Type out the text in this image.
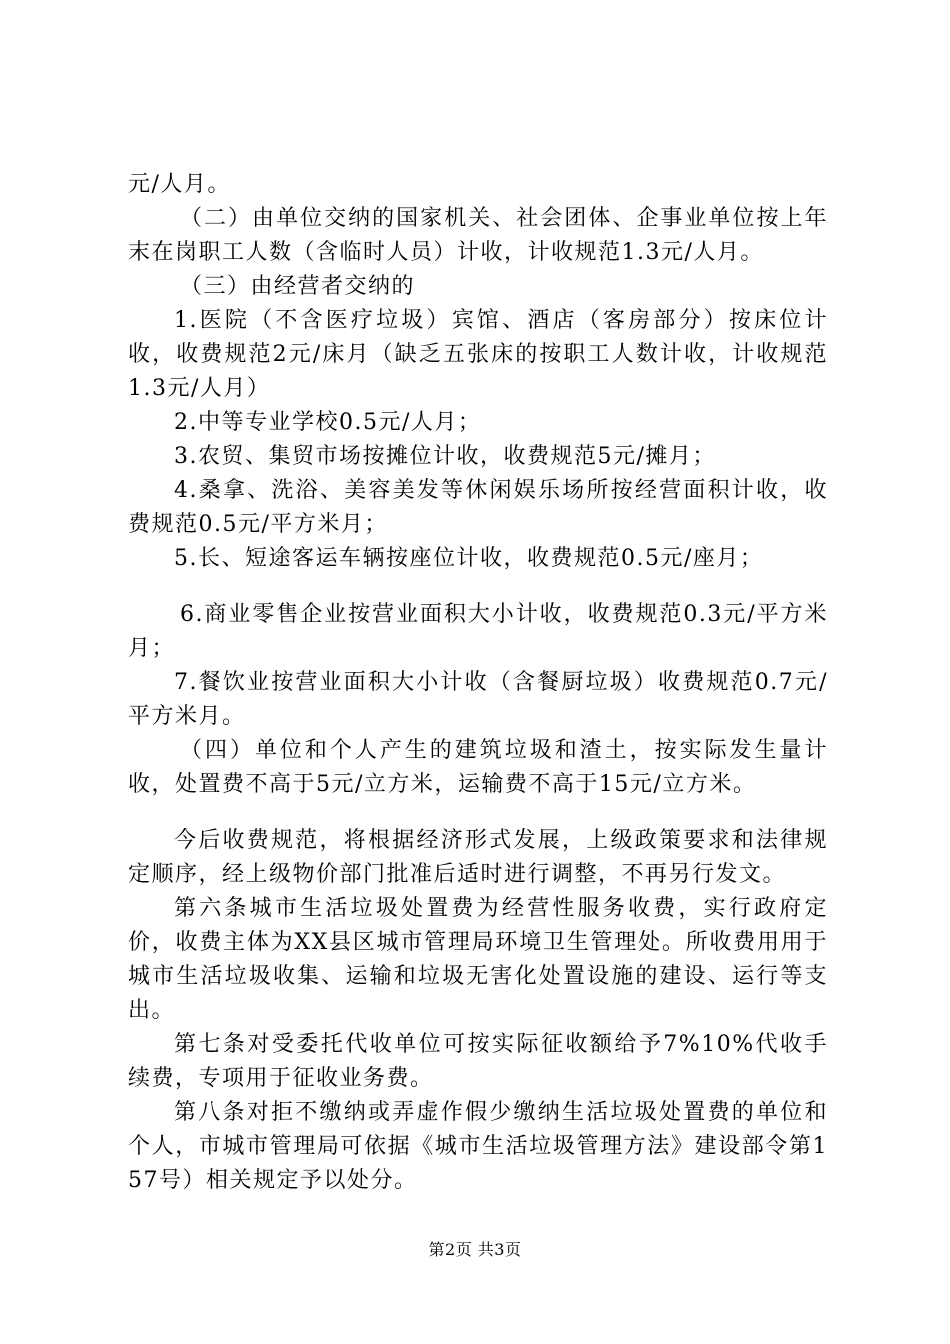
元/人月。

（二）由单位交纳的国家机关、社会团体、企事业单位按上年末在岗职工人数（含临时人员）计收，计收规范1.3元/人月。

（三）由经营者交纳的

1.医院（不含医疗垃圾）宾馆、酒店（客房部分）按床位计收，收费规范2元/床月（缺乏五张床的按职工人数计收，计收规范1.3元/人月）

2.中等专业学校0.5元/人月；

3.农贸、集贸市场按摊位计收，收费规范5元/摊月；

4.桑拿、洗浴、美容美发等休闲娱乐场所按经营面积计收，收费规范0.5元/平方米月；

5.长、短途客运车辆按座位计收，收费规范0.5元/座月；

6.商业零售企业按营业面积大小计收，收费规范0.3元/平方米月；

7.餐饮业按营业面积大小计收（含餐厨垃圾）收费规范0.7元/平方米月。

（四）单位和个人产生的建筑垃圾和渣土，按实际发生量计收，处置费不高于5元/立方米，运输费不高于15元/立方米。

今后收费规范，将根据经济形式发展，上级政策要求和法律规定顺序，经上级物价部门批准后适时进行调整，不再另行发文。

第六条城市生活垃圾处置费为经营性服务收费，实行政府定价，收费主体为XX县区城市管理局环境卫生管理处。所收费用用于城市生活垃圾收集、运输和垃圾无害化处置设施的建设、运行等支出。

第七条对受委托代收单位可按实际征收额给予7%10%代收手续费，专项用于征收业务费。

第八条对拒不缴纳或弄虚作假少缴纳生活垃圾处置费的单位和个人，市城市管理局可依据《城市生活垃圾管理方法》建设部令第157号）相关规定予以处分。

第2页 共3页
